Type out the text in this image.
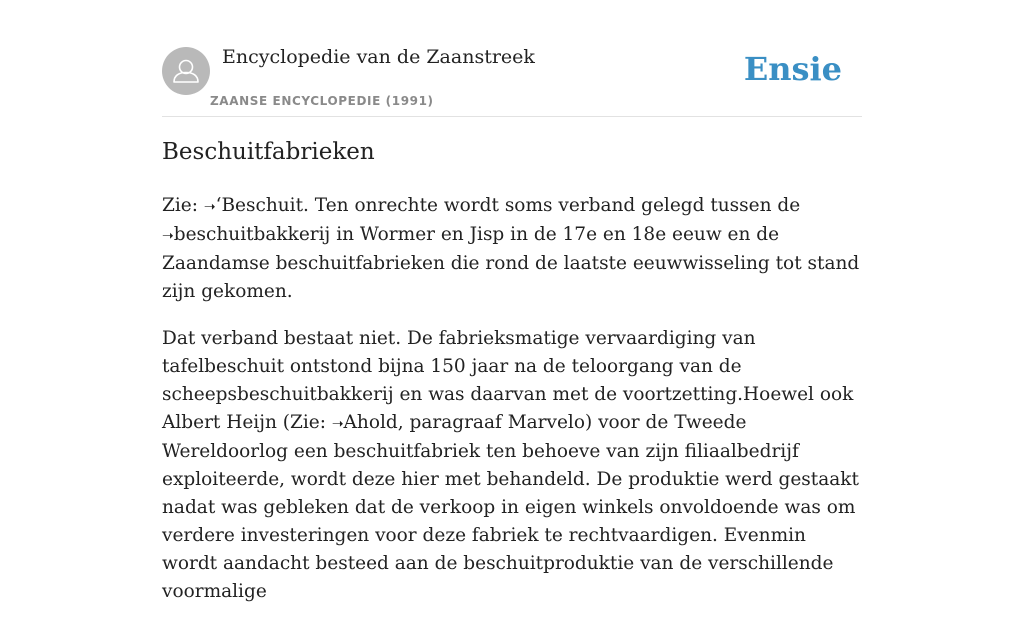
Encyclopedie van de Zaanstreek
ZAANSE ENCYCLOPEDIE (1991)
Ensie
Beschuitfabrieken

Zie: ➝‘Beschuit. Ten onrechte wordt soms verband gelegd tussen de ➝beschuitbakkerij in Wormer en Jisp in de 17e en 18e eeuw en de Zaandamse beschuitfabrieken die rond de laatste eeuwwisseling tot stand zijn gekomen.

Dat verband bestaat niet. De fabrieksmatige vervaardiging van tafelbeschuit ontstond bijna 150 jaar na de teloorgang van de scheepsbeschuitbakkerij en was daarvan met de voortzetting.Hoewel ook Albert Heijn (Zie: ➝Ahold, paragraaf Marvelo) voor de Tweede Wereldoorlog een beschuitfabriek ten behoeve van zijn filiaalbedrijf exploiteerde, wordt deze hier met behandeld. De produktie werd gestaakt nadat was gebleken dat de verkoop in eigen winkels onvoldoende was om verdere investeringen voor deze fabriek te rechtvaardigen. Evenmin wordt aandacht besteed aan de beschuitproduktie van de verschillende voormalige
